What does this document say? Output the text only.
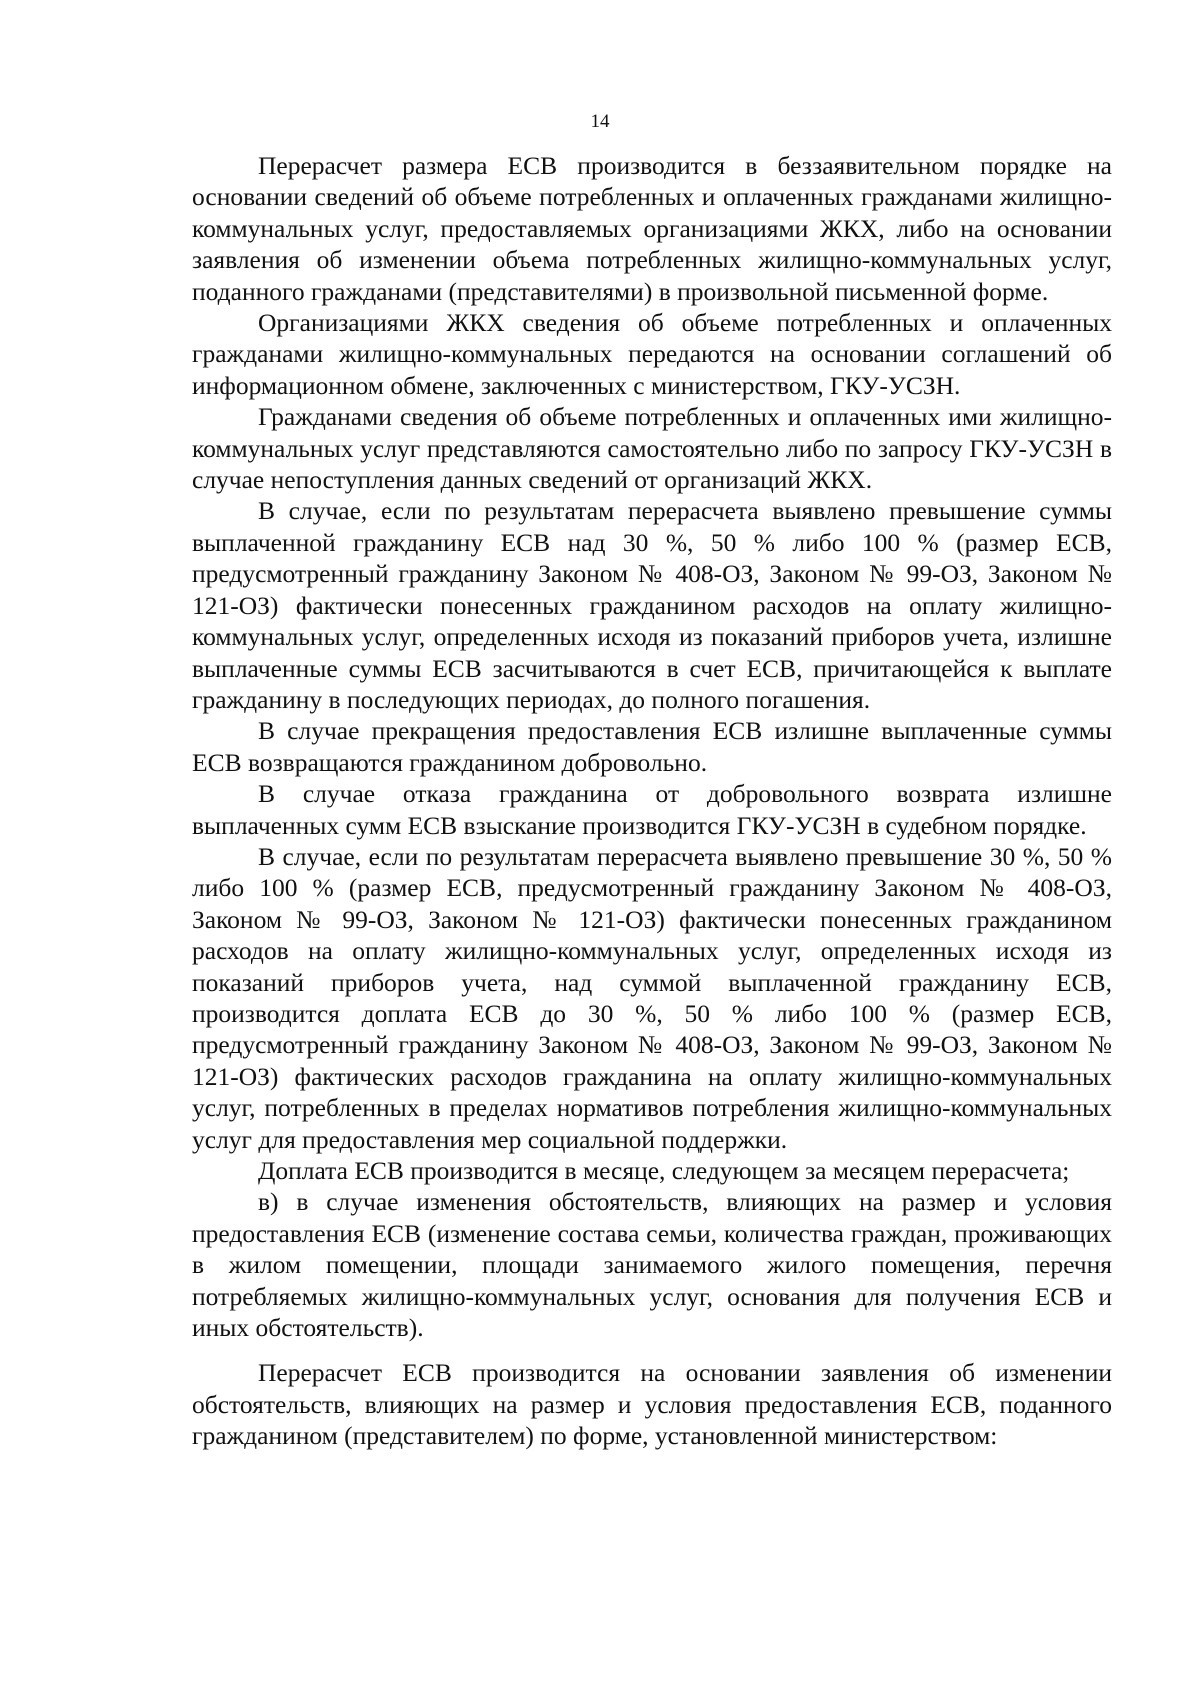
14

Перерасчет размера ЕСВ производится в беззаявительном порядке на основании сведений об объеме потребленных и оплаченных гражданами жилищно-коммунальных услуг, предоставляемых организациями ЖКХ, либо на основании заявления об изменении объема потребленных жилищно-коммунальных услуг, поданного гражданами (представителями) в произвольной письменной форме.

Организациями ЖКХ сведения об объеме потребленных и оплаченных гражданами жилищно-коммунальных передаются на основании соглашений об информационном обмене, заключенных с министерством, ГКУ-УСЗН.

Гражданами сведения об объеме потребленных и оплаченных ими жилищно-коммунальных услуг представляются самостоятельно либо по запросу ГКУ-УСЗН в случае непоступления данных сведений от организаций ЖКХ.

В случае, если по результатам перерасчета выявлено превышение суммы выплаченной гражданину ЕСВ над 30 %, 50 % либо 100 % (размер ЕСВ, предусмотренный гражданину Законом № 408-ОЗ, Законом № 99-ОЗ, Законом № 121-ОЗ) фактически понесенных гражданином расходов на оплату жилищно-коммунальных услуг, определенных исходя из показаний приборов учета, излишне выплаченные суммы ЕСВ засчитываются в счет ЕСВ, причитающейся к выплате гражданину в последующих периодах, до полного погашения.

В случае прекращения предоставления ЕСВ излишне выплаченные суммы ЕСВ возвращаются гражданином добровольно.

В случае отказа гражданина от добровольного возврата излишне выплаченных сумм ЕСВ взыскание производится ГКУ-УСЗН в судебном порядке.

В случае, если по результатам перерасчета выявлено превышение 30 %, 50 % либо 100 % (размер ЕСВ, предусмотренный гражданину Законом № 408-ОЗ, Законом № 99-ОЗ, Законом № 121-ОЗ) фактически понесенных гражданином расходов на оплату жилищно-коммунальных услуг, определенных исходя из показаний приборов учета, над суммой выплаченной гражданину ЕСВ, производится доплата ЕСВ до 30 %, 50 % либо 100 % (размер ЕСВ, предусмотренный гражданину Законом № 408-ОЗ, Законом № 99-ОЗ, Законом № 121-ОЗ) фактических расходов гражданина на оплату жилищно-коммунальных услуг, потребленных в пределах нормативов потребления жилищно-коммунальных услуг для предоставления мер социальной поддержки.

Доплата ЕСВ производится в месяце, следующем за месяцем перерасчета;

в) в случае изменения обстоятельств, влияющих на размер и условия предоставления ЕСВ (изменение состава семьи, количества граждан, проживающих в жилом помещении, площади занимаемого жилого помещения, перечня потребляемых жилищно-коммунальных услуг, основания для получения ЕСВ и иных обстоятельств).

Перерасчет ЕСВ производится на основании заявления об изменении обстоятельств, влияющих на размер и условия предоставления ЕСВ, поданного гражданином (представителем) по форме, установленной министерством:
